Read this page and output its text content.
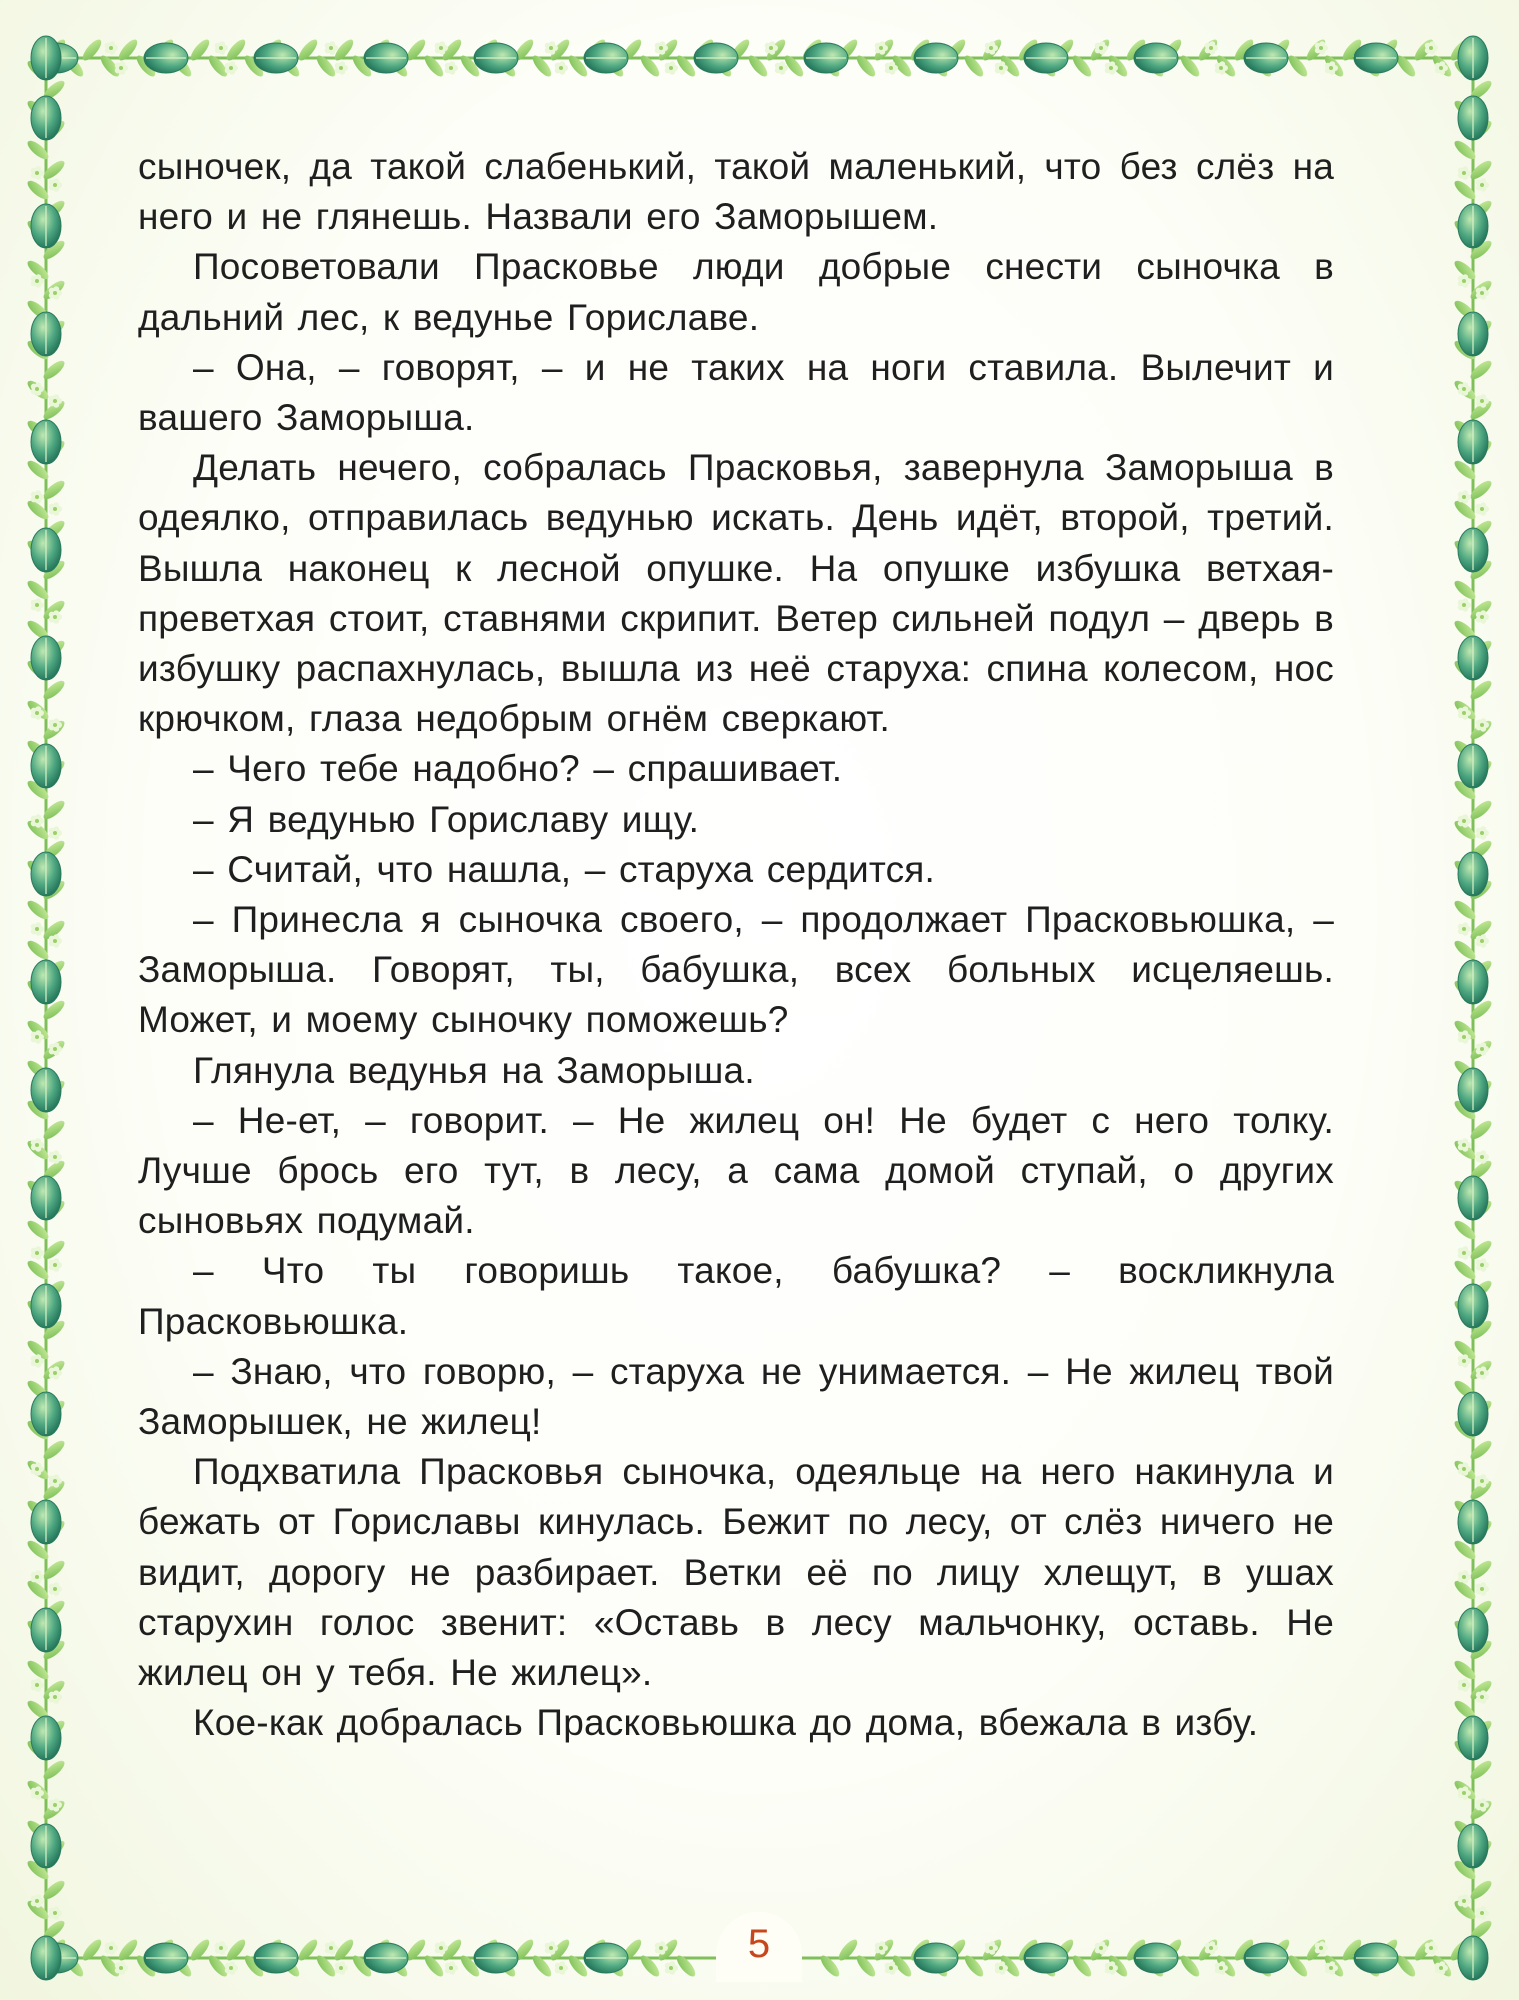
сыночек, да такой слабенький, такой маленький, что без слёз на него и не глянешь. Назвали его Заморышем.

Посоветовали Прасковье люди добрые снести сыночка в дальний лес, к ведунье Гориславе.

– Она, – говорят, – и не таких на ноги ставила. Вылечит и вашего Заморыша.

Делать нечего, собралась Прасковья, завернула Заморыша в одеялко, отправилась ведунью искать. День идёт, второй, третий. Вышла наконец к лесной опушке. На опушке избушка ветхая-преветхая стоит, ставнями скрипит. Ветер сильней подул – дверь в избушку распахнулась, вышла из неё старуха: спина колесом, нос крючком, глаза недобрым огнём сверкают.

– Чего тебе надобно? – спрашивает.

– Я ведунью Гориславу ищу.

– Считай, что нашла, – старуха сердится.

– Принесла я сыночка своего, – продолжает Прасковьюшка, – Заморыша. Говорят, ты, бабушка, всех больных исцеляешь. Может, и моему сыночку поможешь?

Глянула ведунья на Заморыша.

– Не-ет, – говорит. – Не жилец он! Не будет с него толку. Лучше брось его тут, в лесу, а сама домой ступай, о других сыновьях подумай.

– Что ты говоришь такое, бабушка? – воскликнула Прасковьюшка.

– Знаю, что говорю, – старуха не унимается. – Не жилец твой Заморышек, не жилец!

Подхватила Прасковья сыночка, одеяльце на него накинула и бежать от Гориславы кинулась. Бежит по лесу, от слёз ничего не видит, дорогу не разбирает. Ветки её по лицу хлещут, в ушах старухин голос звенит: «Оставь в лесу мальчонку, оставь. Не жилец он у тебя. Не жилец».

Кое-как добралась Прасковьюшка до дома, вбежала в избу.

5
